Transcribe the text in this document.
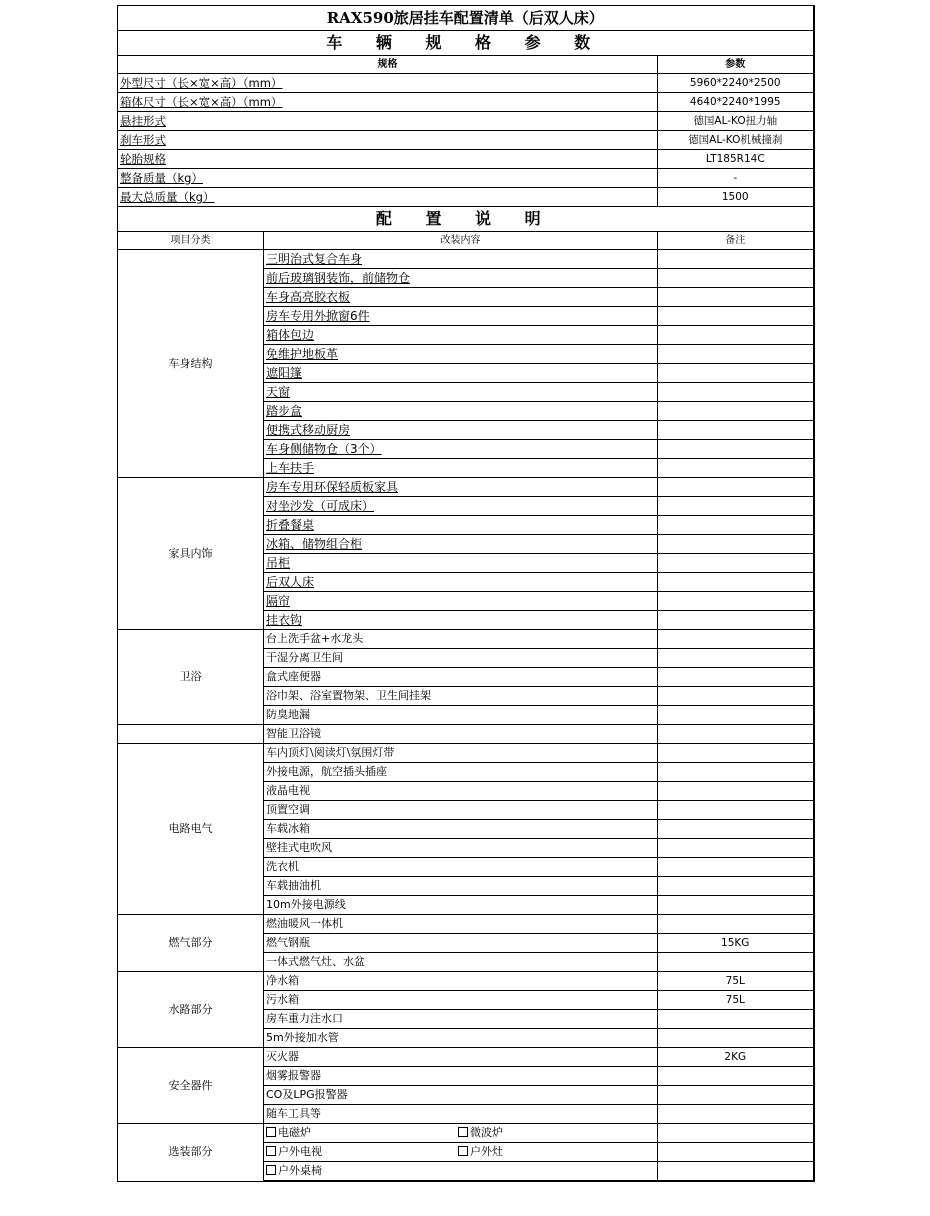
RAX590旅居挂车配置清单（后双人床）		
车 辆 规 格 参 数		
规格		参数
外型尺寸（长×宽×高）（mm）		5960*2240*2500
箱体尺寸（长×宽×高）（mm）		4640*2240*1995
悬挂形式		德国AL-KO扭力轴
刹车形式		德国AL-KO机械撞刹
轮胎规格		LT185R14C
整备质量（kg）		-
最大总质量（kg）		1500
配 置 说 明		
项目分类	改装内容	备注
车身结构	三明治式复合车身	
	前后玻璃钢装饰，前储物仓	
	车身高亮胶衣板	
	房车专用外掀窗6件	
	箱体包边	
	免维护地板革	
	遮阳篷	
	天窗	
	踏步盒	
	便携式移动厨房	
	车身侧储物仓（3个）	
	上车扶手	
家具内饰	房车专用环保轻质板家具	
	对坐沙发（可成床）	
	折叠餐桌	
	冰箱、储物组合柜	
	吊柜	
	后双人床	
	隔帘	
	挂衣钩	
卫浴	台上洗手盆+水龙头	
	干湿分离卫生间	
	盒式座便器	
	浴巾架、浴室置物架、卫生间挂架	
	防臭地漏	
	智能卫浴镜	
电路电气	车内顶灯\阅读灯\氛围灯带	
	外接电源，航空插头插座	
	液晶电视	
	顶置空调	
	车载冰箱	
	壁挂式电吹风	
	洗衣机	
	车载抽油机	
	10m外接电源线	
燃气部分	燃油暖风一体机	
	燃气钢瓶	15KG
	一体式燃气灶、水盆	
水路部分	净水箱	75L
	污水箱	75L
	房车重力注水口	
	5m外接加水管	
安全器件	灭火器	2KG
	烟雾报警器	
	CO及LPG报警器	
	随车工具等	
选装部分	电磁炉 微波炉	

	户外电视 户外灶	

	户外桌椅	
